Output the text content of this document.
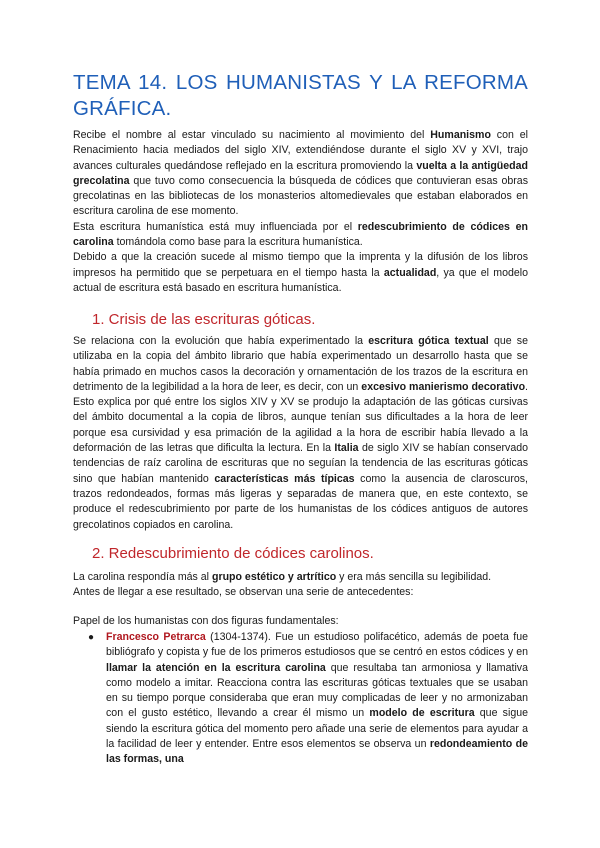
TEMA 14. LOS HUMANISTAS Y LA REFORMA GRÁFICA.

Recibe el nombre al estar vinculado su nacimiento al movimiento del Humanismo con el Renacimiento hacia mediados del siglo XIV, extendiéndose durante el siglo XV y XVI, trajo avances culturales quedándose reflejado en la escritura promoviendo la vuelta a la antigüedad grecolatina que tuvo como consecuencia la búsqueda de códices que contuvieran esas obras grecolatinas en las bibliotecas de los monasterios altomedievales que estaban elaborados en escritura carolina de ese momento.

Esta escritura humanística está muy influenciada por el redescubrimiento de códices en carolina tomándola como base para la escritura humanística.

Debido a que la creación sucede al mismo tiempo que la imprenta y la difusión de los libros impresos ha permitido que se perpetuara en el tiempo hasta la actualidad, ya que el modelo actual de escritura está basado en escritura humanística.

1. Crisis de las escrituras góticas.

Se relaciona con la evolución que había experimentado la escritura gótica textual que se utilizaba en la copia del ámbito librario que había experimentado un desarrollo hasta que se había primado en muchos casos la decoración y ornamentación de los trazos de la escritura en detrimento de la legibilidad a la hora de leer, es decir, con un excesivo manierismo decorativo. Esto explica por qué entre los siglos XIV y XV se produjo la adaptación de las góticas cursivas del ámbito documental a la copia de libros, aunque tenían sus dificultades a la hora de leer porque esa cursividad y esa primación de la agilidad a la hora de escribir había llevado a la deformación de las letras que dificulta la lectura. En la Italia de siglo XIV se habían conservado tendencias de raíz carolina de escrituras que no seguían la tendencia de las escrituras góticas sino que habían mantenido características más típicas como la ausencia de claroscuros, trazos redondeados, formas más ligeras y separadas de manera que, en este contexto, se produce el redescubrimiento por parte de los humanistas de los códices antiguos de autores grecolatinos copiados en carolina.

2. Redescubrimiento de códices carolinos.

La carolina respondía más al grupo estético y artrítico y era más sencilla su legibilidad.

Antes de llegar a ese resultado, se observan una serie de antecedentes:

Papel de los humanistas con dos figuras fundamentales:

● Francesco Petrarca (1304-1374). Fue un estudioso polifacético, además de poeta fue bibliógrafo y copista y fue de los primeros estudiosos que se centró en estos códices y en llamar la atención en la escritura carolina que resultaba tan armoniosa y llamativa como modelo a imitar. Reacciona contra las escrituras góticas textuales que se usaban en su tiempo porque consideraba que eran muy complicadas de leer y no armonizaban con el gusto estético, llevando a crear él mismo un modelo de escritura que sigue siendo la escritura gótica del momento pero añade una serie de elementos para ayudar a la facilidad de leer y entender. Entre esos elementos se observa un redondeamiento de las formas, una
